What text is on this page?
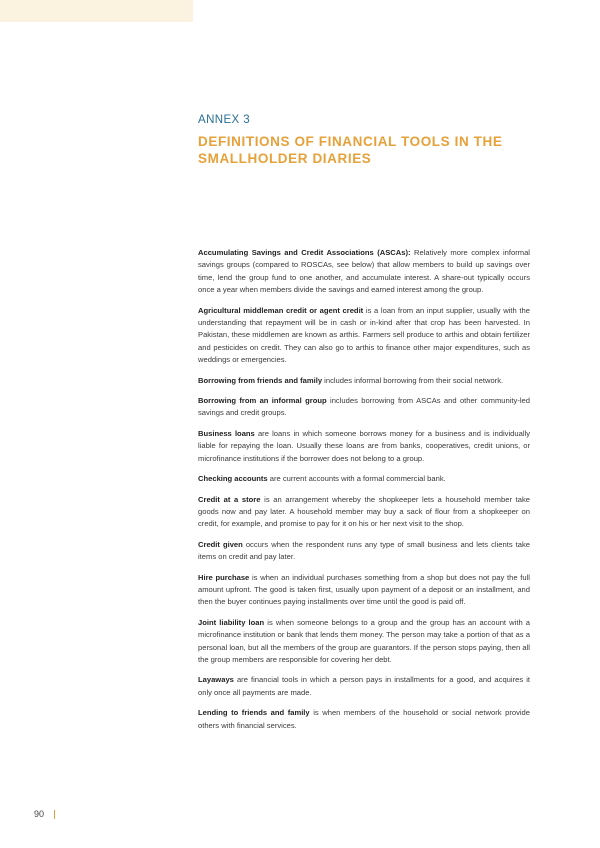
ANNEX 3
DEFINITIONS OF FINANCIAL TOOLS IN THE SMALLHOLDER DIARIES

Accumulating Savings and Credit Associations (ASCAs): Relatively more complex informal savings groups (compared to ROSCAs, see below) that allow members to build up savings over time, lend the group fund to one another, and accumulate interest. A share-out typically occurs once a year when members divide the savings and earned interest among the group.

Agricultural middleman credit or agent credit is a loan from an input supplier, usually with the understanding that repayment will be in cash or in-kind after that crop has been harvested. In Pakistan, these middlemen are known as arthis. Farmers sell produce to arthis and obtain fertilizer and pesticides on credit. They can also go to arthis to finance other major expenditures, such as weddings or emergencies.

Borrowing from friends and family includes informal borrowing from their social network.

Borrowing from an informal group includes borrowing from ASCAs and other community-led savings and credit groups.

Business loans are loans in which someone borrows money for a business and is individually liable for repaying the loan. Usually these loans are from banks, cooperatives, credit unions, or microfinance institutions if the borrower does not belong to a group.

Checking accounts are current accounts with a formal commercial bank.

Credit at a store is an arrangement whereby the shopkeeper lets a household member take goods now and pay later. A household member may buy a sack of flour from a shopkeeper on credit, for example, and promise to pay for it on his or her next visit to the shop.

Credit given occurs when the respondent runs any type of small business and lets clients take items on credit and pay later.

Hire purchase is when an individual purchases something from a shop but does not pay the full amount upfront. The good is taken first, usually upon payment of a deposit or an installment, and then the buyer continues paying installments over time until the good is paid off.

Joint liability loan is when someone belongs to a group and the group has an account with a microfinance institution or bank that lends them money. The person may take a portion of that as a personal loan, but all the members of the group are guarantors. If the person stops paying, then all the group members are responsible for covering her debt.

Layaways are financial tools in which a person pays in installments for a good, and acquires it only once all payments are made.

Lending to friends and family is when members of the household or social network provide others with financial services.

90
